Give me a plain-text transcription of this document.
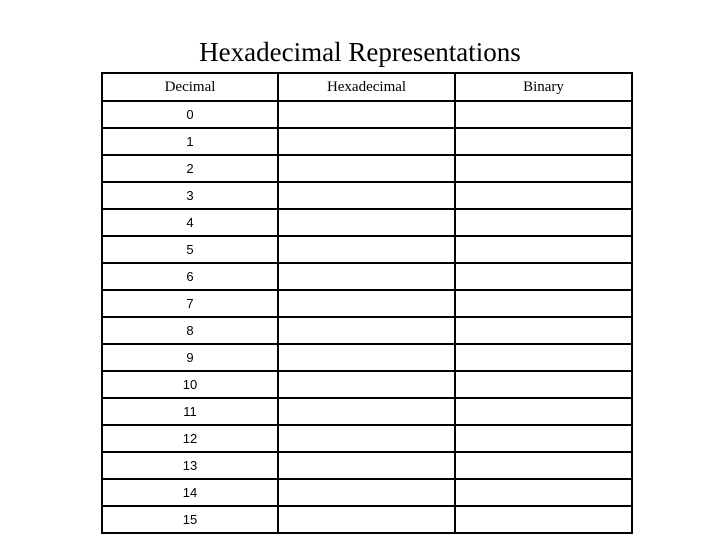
Hexadecimal Representations
Decimal	Hexadecimal	Binary
0		
1		
2		
3		
4		
5		
6		
7		
8		
9		
10		
11		
12		
13		
14		
15		
